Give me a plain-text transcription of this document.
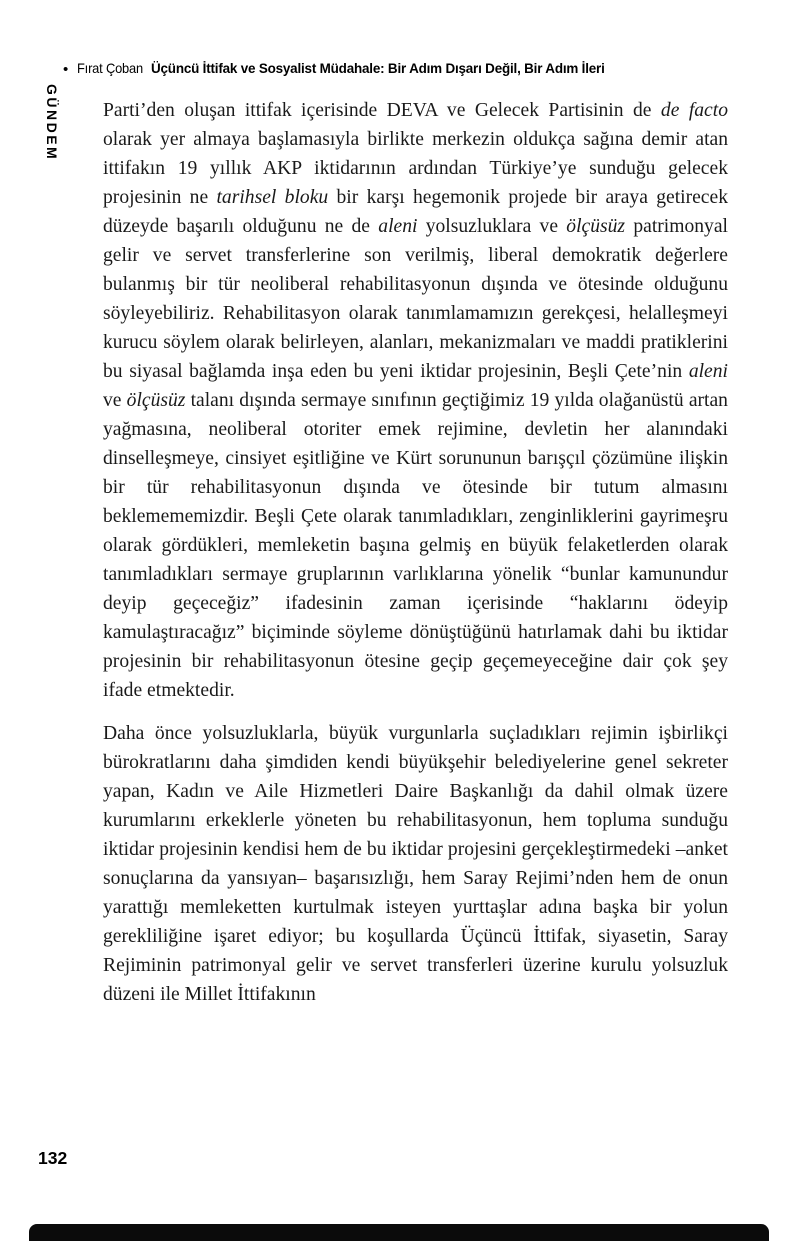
• Fırat Çoban Üçüncü İttifak ve Sosyalist Müdahale: Bir Adım Dışarı Değil, Bir Adım İleri
GÜNDEM Parti’den oluşan ittifak içerisinde DEVA ve Gelecek Partisinin de de facto olarak yer almaya başlamasıyla birlikte merkezin oldukça sağına demir atan ittifakın 19 yıllık AKP iktidarının ardından Türkiye’ye sunduğu gelecek projesinin ne tarihsel bloku bir karşı hegemonik projede bir araya getirecek düzeyde başarılı olduğunu ne de aleni yolsuzluklara ve ölçüsüz patrimonyal gelir ve servet transferlerine son verilmiş, liberal demokratik değerlere bulanmış bir tür neoliberal rehabilitasyonun dışında ve ötesinde olduğunu söyleyebiliriz. Rehabilitasyon olarak tanımlamamızın gerekçesi, helalleşmeyi kurucu söylem olarak belirleyen, alanları, mekanizmaları ve maddi pratiklerini bu siyasal bağlamda inşa eden bu yeni iktidar projesinin, Beşli Çete’nin aleni ve ölçüsüz talanı dışında sermaye sınıfının geçtiğimiz 19 yılda olağanüstü artan yağmasına, neoliberal otoriter emek rejimine, devletin her alanındaki dinselleşmeye, cinsiyet eşitliğine ve Kürt sorununun barışçıl çözümüne ilişkin bir tür rehabilitasyonun dışında ve ötesinde bir tutum almasını beklemememizdir. Beşli Çete olarak tanımladıkları, zenginliklerini gayrimeşru olarak gördükleri, memleketin başına gelmiş en büyük felaketlerden olarak tanımladıkları sermaye gruplarının varlıklarına yönelik “bunlar kamunundur deyip geçeceğiz” ifadesinin zaman içerisinde “haklarını ödeyip kamulaştıracağız” biçiminde söyleme dönüştüğünü hatırlamak dahi bu iktidar projesinin bir rehabilitasyonun ötesine geçip geçemeyeceğine dair çok şey ifade etmektedir.

Daha önce yolsuzluklarla, büyük vurgunlarla suçladıkları rejimin işbirlikçi bürokratlarını daha şimdiden kendi büyükşehir belediyelerine genel sekreter yapan, Kadın ve Aile Hizmetleri Daire Başkanlığı da dahil olmak üzere kurumlarını erkeklerle yöneten bu rehabilitasyonun, hem topluma sunduğu iktidar projesinin kendisi hem de bu iktidar projesini gerçekleştirmedeki –anket sonuçlarına da yansıyan– başarısızlığı, hem Saray Rejimi’nden hem de onun yarattığı memleketten kurtulmak isteyen yurttaşlar adına başka bir yolun gerekliliğine işaret ediyor; bu koşullarda Üçüncü İttifak, siyasetin, Saray Rejiminin patrimonyal gelir ve servet transferleri üzerine kurulu yolsuzluk düzeni ile Millet İttifakının

132
